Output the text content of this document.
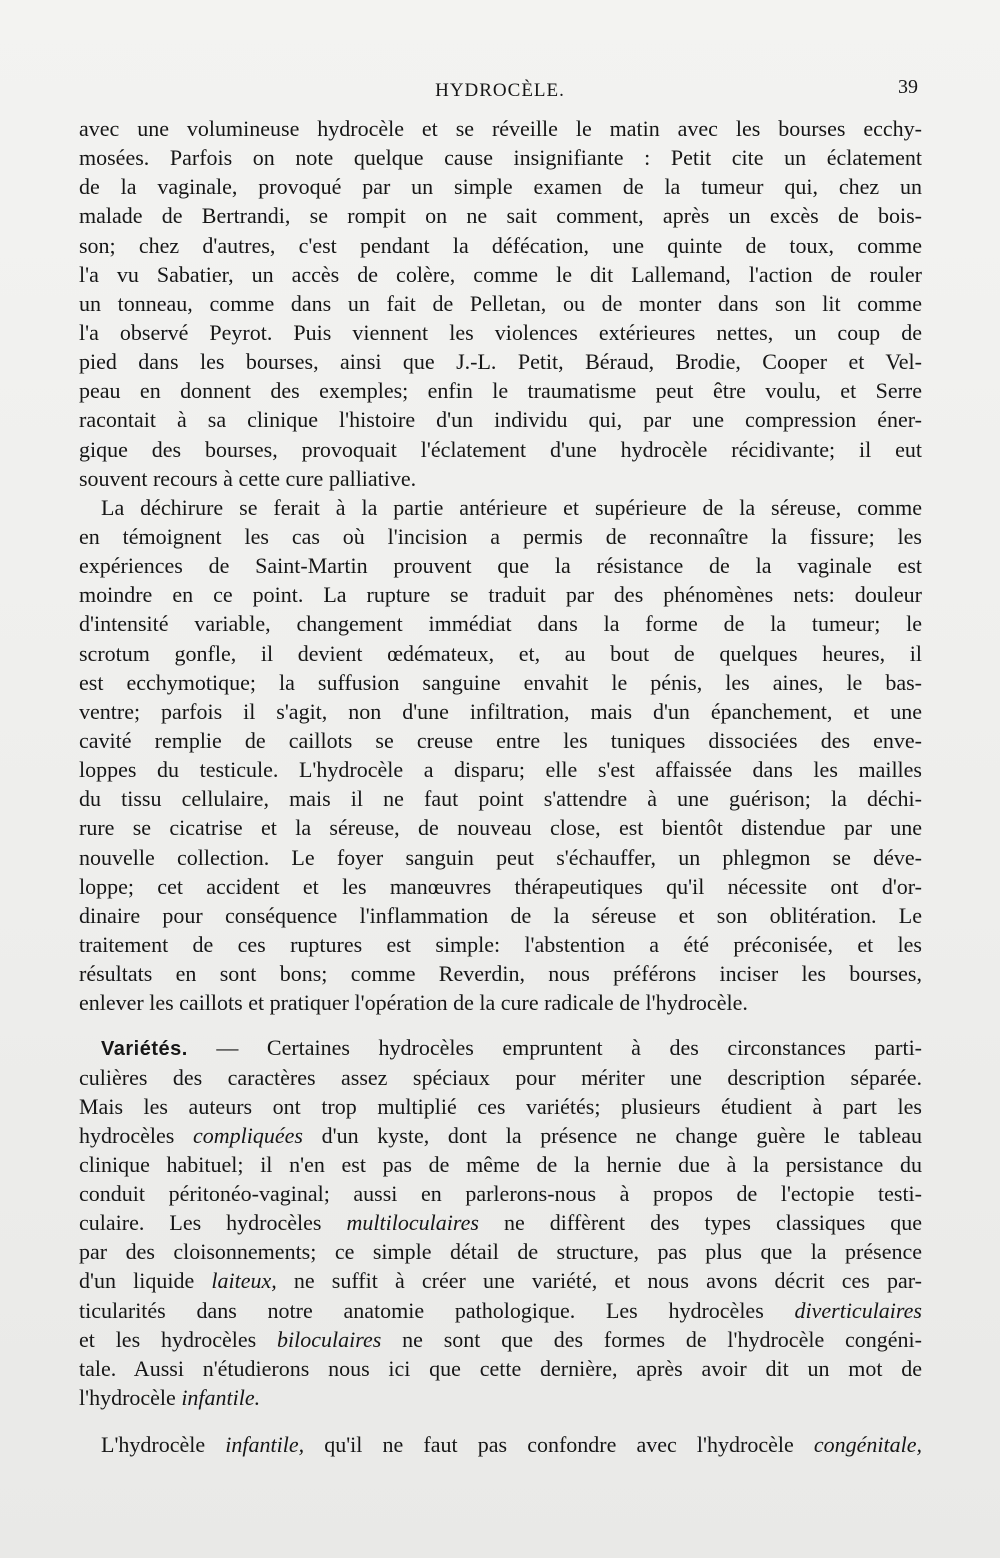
HYDROCÈLE.	39
avec une volumineuse hydrocèle et se réveille le matin avec les bourses ecchy-
mosées. Parfois on note quelque cause insignifiante : Petit cite un éclatement
de la vaginale, provoqué par un simple examen de la tumeur qui, chez un
malade de Bertrandi, se rompit on ne sait comment, après un excès de bois-
son; chez d'autres, c'est pendant la défécation, une quinte de toux, comme
l'a vu Sabatier, un accès de colère, comme le dit Lallemand, l'action de rouler
un tonneau, comme dans un fait de Pelletan, ou de monter dans son lit comme
l'a observé Peyrot. Puis viennent les violences extérieures nettes, un coup de
pied dans les bourses, ainsi que J.-L. Petit, Béraud, Brodie, Cooper et Vel-
peau en donnent des exemples; enfin le traumatisme peut être voulu, et Serre
racontait à sa clinique l'histoire d'un individu qui, par une compression éner-
gique des bourses, provoquait l'éclatement d'une hydrocèle récidivante; il eut
souvent recours à cette cure palliative.
La déchirure se ferait à la partie antérieure et supérieure de la séreuse, comme
en témoignent les cas où l'incision a permis de reconnaître la fissure; les
expériences de Saint-Martin prouvent que la résistance de la vaginale est
moindre en ce point. La rupture se traduit par des phénomènes nets: douleur
d'intensité variable, changement immédiat dans la forme de la tumeur; le
scrotum gonfle, il devient œdémateux, et, au bout de quelques heures, il
est ecchymotique; la suffusion sanguine envahit le pénis, les aines, le bas-
ventre; parfois il s'agit, non d'une infiltration, mais d'un épanchement, et une
cavité remplie de caillots se creuse entre les tuniques dissociées des enve-
loppes du testicule. L'hydrocèle a disparu; elle s'est affaissée dans les mailles
du tissu cellulaire, mais il ne faut point s'attendre à une guérison; la déchi-
rure se cicatrise et la séreuse, de nouveau close, est bientôt distendue par une
nouvelle collection. Le foyer sanguin peut s'échauffer, un phlegmon se déve-
loppe; cet accident et les manœuvres thérapeutiques qu'il nécessite ont d'or-
dinaire pour conséquence l'inflammation de la séreuse et son oblitération. Le
traitement de ces ruptures est simple: l'abstention a été préconisée, et les
résultats en sont bons; comme Reverdin, nous préférons inciser les bourses,
enlever les caillots et pratiquer l'opération de la cure radicale de l'hydrocèle.
Variétés. — Certaines hydrocèles empruntent à des circonstances parti-
culières des caractères assez spéciaux pour mériter une description séparée.
Mais les auteurs ont trop multiplié ces variétés; plusieurs étudient à part les
hydrocèles compliquées d'un kyste, dont la présence ne change guère le tableau
clinique habituel; il n'en est pas de même de la hernie due à la persistance du
conduit péritonéo-vaginal; aussi en parlerons-nous à propos de l'ectopie testi-
culaire. Les hydrocèles multiloculaires ne diffèrent des types classiques que
par des cloisonnements; ce simple détail de structure, pas plus que la présence
d'un liquide laiteux, ne suffit à créer une variété, et nous avons décrit ces par-
ticularités dans notre anatomie pathologique. Les hydrocèles diverticulaires
et les hydrocèles biloculaires ne sont que des formes de l'hydrocèle congéni-
tale. Aussi n'étudierons nous ici que cette dernière, après avoir dit un mot de
l'hydrocèle infantile.
L'hydrocèle infantile, qu'il ne faut pas confondre avec l'hydrocèle congénitale,
